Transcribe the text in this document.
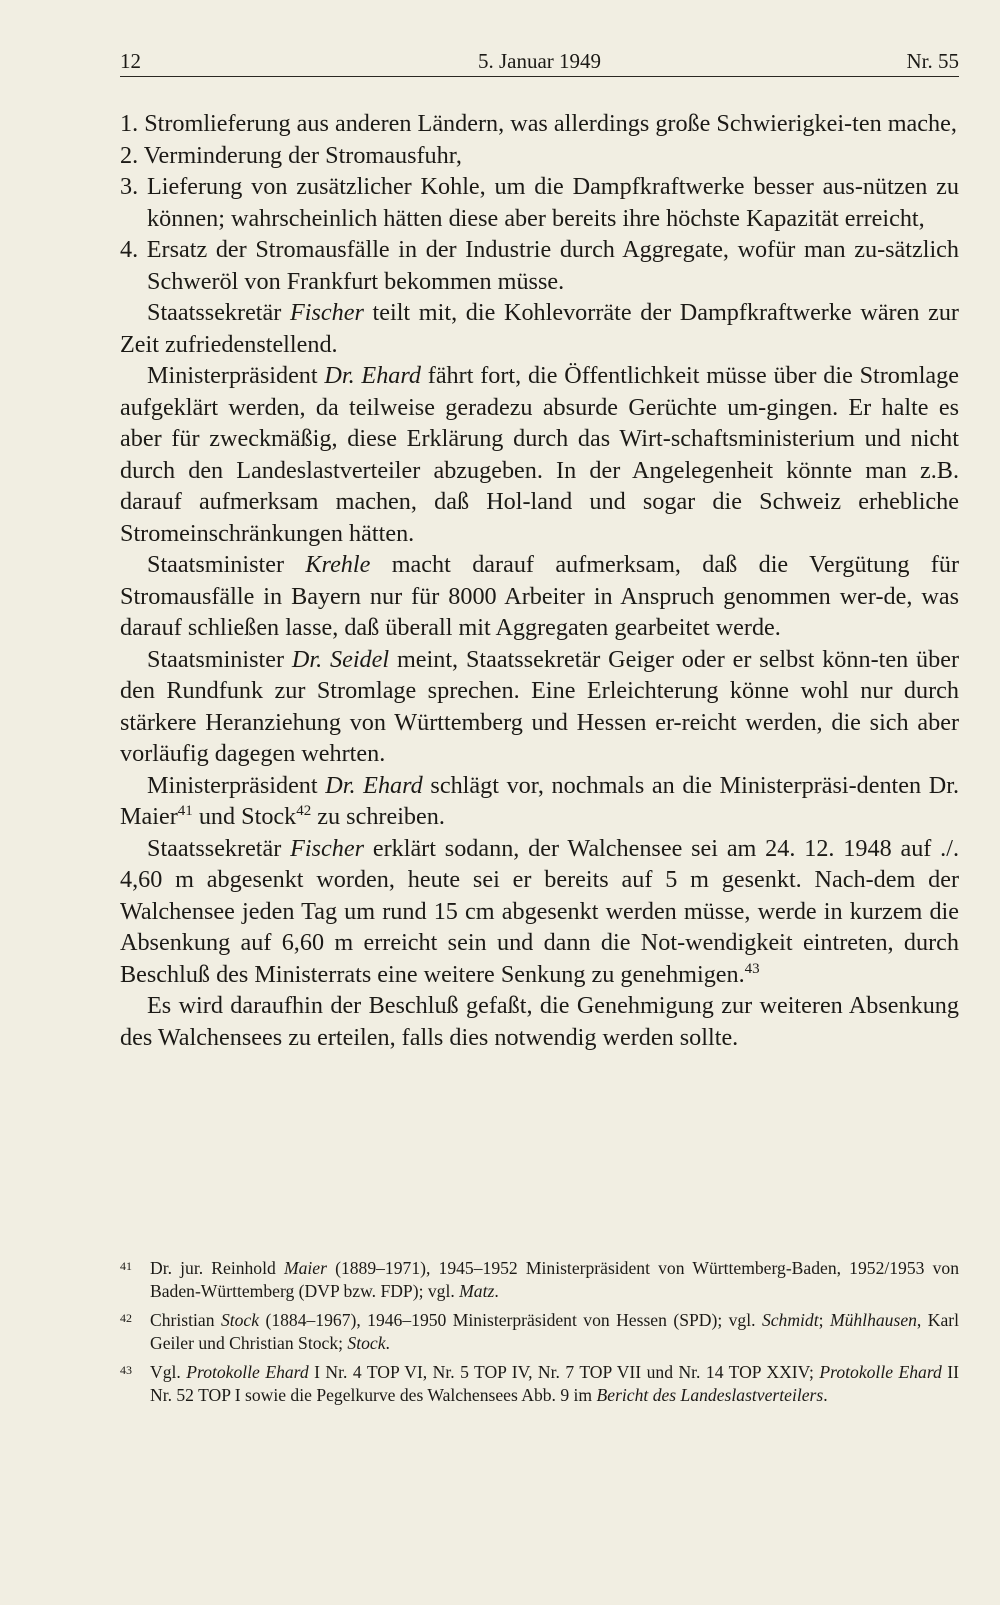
12	5. Januar 1949	Nr. 55

1. Stromlieferung aus anderen Ländern, was allerdings große Schwierigkei-ten mache,

2. Verminderung der Stromausfuhr,

3. Lieferung von zusätzlicher Kohle, um die Dampfkraftwerke besser aus-nützen zu können; wahrscheinlich hätten diese aber bereits ihre höchste Kapazität erreicht,

4. Ersatz der Stromausfälle in der Industrie durch Aggregate, wofür man zu-sätzlich Schweröl von Frankfurt bekommen müsse.

Staatssekretär Fischer teilt mit, die Kohlevorräte der Dampfkraftwerke wären zur Zeit zufriedenstellend.

Ministerpräsident Dr. Ehard fährt fort, die Öffentlichkeit müsse über die Stromlage aufgeklärt werden, da teilweise geradezu absurde Gerüchte um-gingen. Er halte es aber für zweckmäßig, diese Erklärung durch das Wirt-schaftsministerium und nicht durch den Landeslastverteiler abzugeben. In der Angelegenheit könnte man z.B. darauf aufmerksam machen, daß Hol-land und sogar die Schweiz erhebliche Stromeinschränkungen hätten.

Staatsminister Krehle macht darauf aufmerksam, daß die Vergütung für Stromausfälle in Bayern nur für 8000 Arbeiter in Anspruch genommen wer-de, was darauf schließen lasse, daß überall mit Aggregaten gearbeitet werde.

Staatsminister Dr. Seidel meint, Staatssekretär Geiger oder er selbst könn-ten über den Rundfunk zur Stromlage sprechen. Eine Erleichterung könne wohl nur durch stärkere Heranziehung von Württemberg und Hessen er-reicht werden, die sich aber vorläufig dagegen wehrten.

Ministerpräsident Dr. Ehard schlägt vor, nochmals an die Ministerpräsi-denten Dr. Maier$^{41}$ und Stock$^{42}$ zu schreiben.

Staatssekretär Fischer erklärt sodann, der Walchensee sei am 24. 12. 1948 auf ./. 4,60 m abgesenkt worden, heute sei er bereits auf 5 m gesenkt. Nach-dem der Walchensee jeden Tag um rund 15 cm abgesenkt werden müsse, werde in kurzem die Absenkung auf 6,60 m erreicht sein und dann die Not-wendigkeit eintreten, durch Beschluß des Ministerrats eine weitere Senkung zu genehmigen.$^{43}$

Es wird daraufhin der Beschluß gefaßt, die Genehmigung zur weiteren Absenkung des Walchensees zu erteilen, falls dies notwendig werden sollte.

41 Dr. jur. Reinhold Maier (1889–1971), 1945–1952 Ministerpräsident von Württemberg-Baden, 1952/1953 von Baden-Württemberg (DVP bzw. FDP); vgl. Matz.

42 Christian Stock (1884–1967), 1946–1950 Ministerpräsident von Hessen (SPD); vgl. Schmidt; Mühlhausen, Karl Geiler und Christian Stock; Stock.

43 Vgl. Protokolle Ehard I Nr. 4 TOP VI, Nr. 5 TOP IV, Nr. 7 TOP VII und Nr. 14 TOP XXIV; Protokolle Ehard II Nr. 52 TOP I sowie die Pegelkurve des Walchensees Abb. 9 im Bericht des Landeslastverteilers.
